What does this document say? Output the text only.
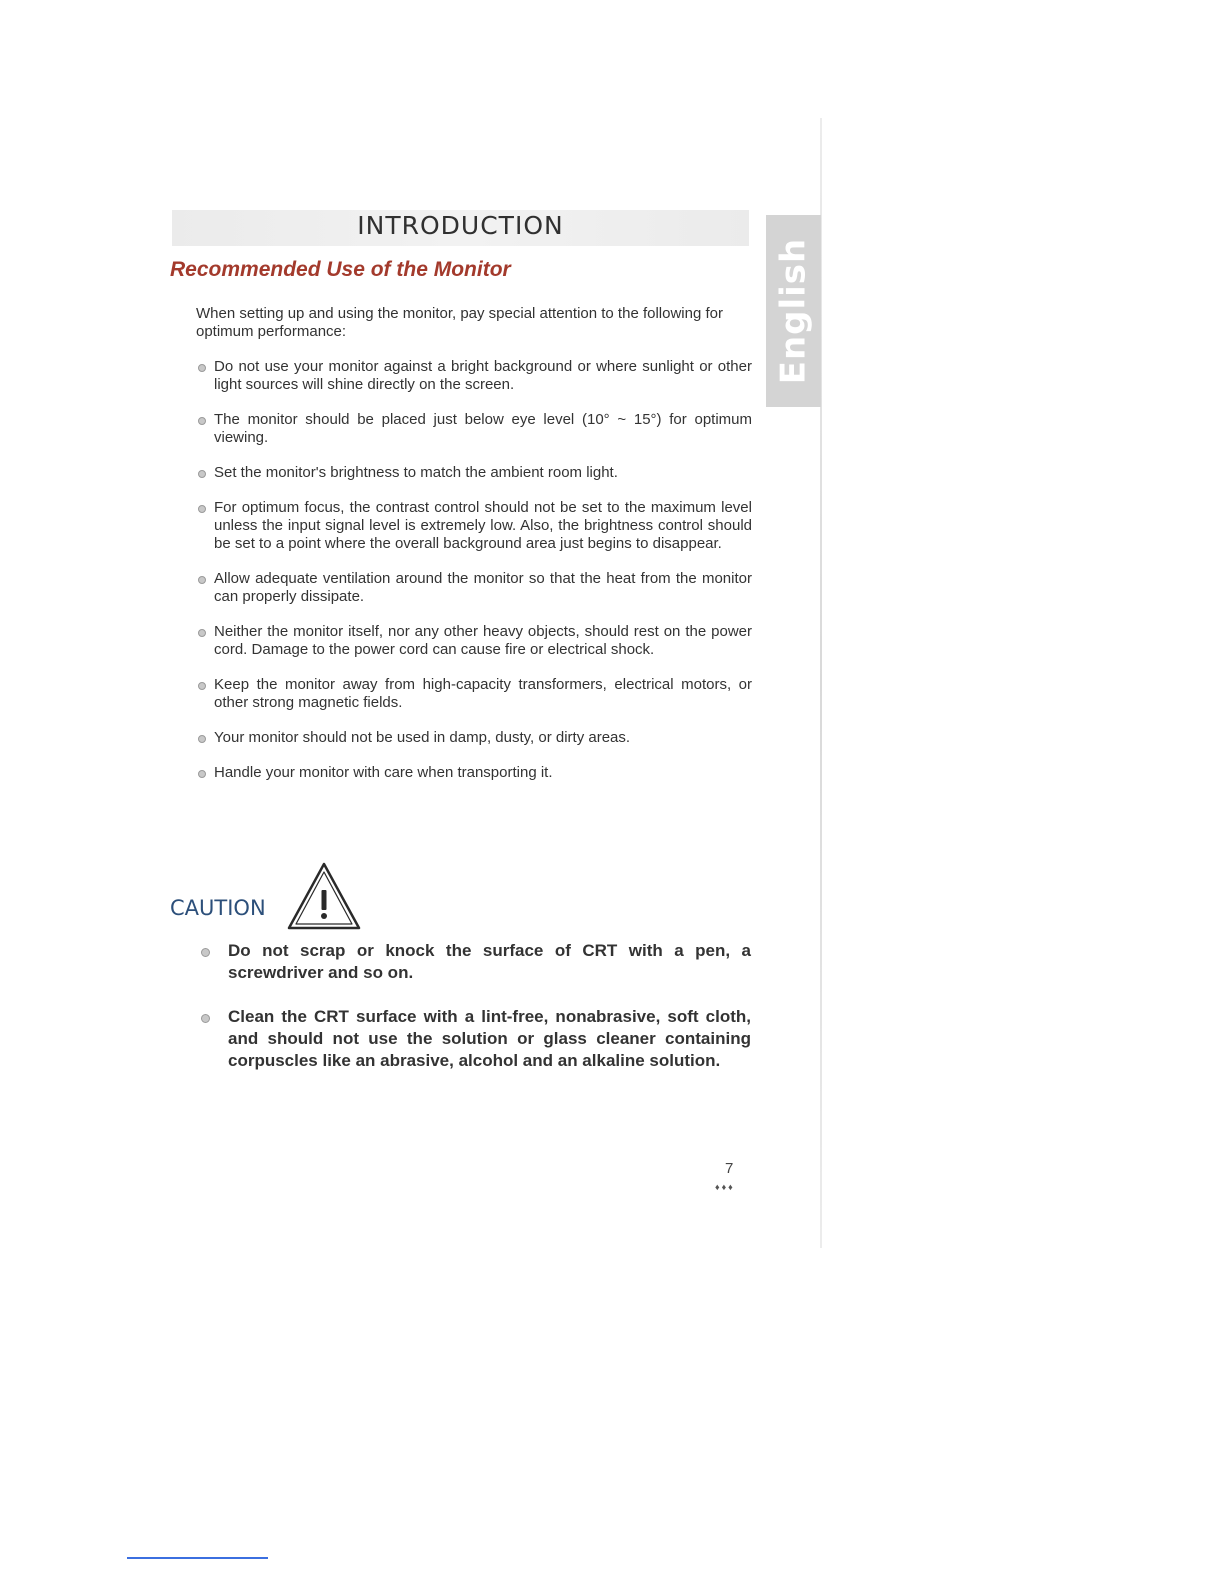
English
INTRODUCTION
Recommended Use of the Monitor

When setting up and using the monitor, pay special attention to the following for optimum performance:

Do not use your monitor against a bright background or where sunlight or other light sources will shine directly on the screen.
The monitor should be placed just below eye level (10° ~ 15°) for optimum viewing.
Set the monitor's brightness to match the ambient room light.
For optimum focus, the contrast control should not be set to the maximum level unless the input signal level is extremely low. Also, the brightness control should be set to a point where the overall background area just begins to disappear.
Allow adequate ventilation around the monitor so that the heat from the monitor can properly dissipate.
Neither the monitor itself, nor any other heavy objects, should rest on the power cord. Damage to the power cord can cause fire or electrical shock.
Keep the monitor away from high-capacity transformers, electrical motors, or other strong magnetic fields.
Your monitor should not be used in damp, dusty, or dirty areas.
Handle your monitor with care when transporting it.
CAUTION
Do not scrap or knock the surface of CRT with a pen, a screwdriver and so on.
Clean the CRT surface with a lint-free, nonabrasive, soft cloth, and should not use the solution or glass cleaner containing corpuscles like an abrasive, alcohol and an alkaline solution.
7
♦♦♦
